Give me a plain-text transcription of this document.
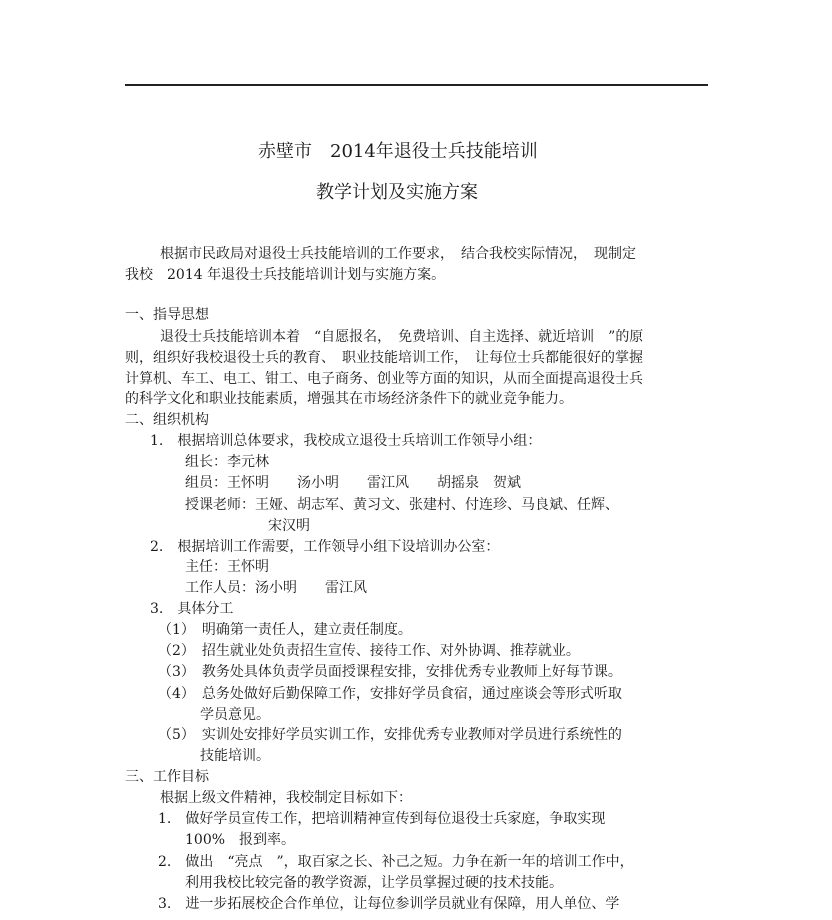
赤壁市　2014年退役士兵技能培训
教学计划及实施方案
根据市民政局对退役士兵技能培训的工作要求，　结合我校实际情况，　现制定
我校　2014 年退役士兵技能培训计划与实施方案。
一、指导思想
退役士兵技能培训本着　“自愿报名，　免费培训、自主选择、就近培训　”的原
则，组织好我校退役士兵的教育、　职业技能培训工作，　让每位士兵都能很好的掌握
计算机、车工、电工、钳工、电子商务、创业等方面的知识，从而全面提高退役士兵
的科学文化和职业技能素质，增强其在市场经济条件下的就业竞争能力。
二、组织机构
1.　根据培训总体要求，我校成立退役士兵培训工作领导小组：
组长：李元林
组员：王怀明　　汤小明　　雷江风　　胡摇泉　贺斌
授课老师：王娅、胡志军、黄习文、张建村、付连珍、马良斌、任辉、
宋汉明
2.　根据培训工作需要，工作领导小组下设培训办公室：
主任：王怀明
工作人员：汤小明　　雷江风
3.　具体分工
（1）　明确第一责任人，建立责任制度。
（2）　招生就业处负责招生宣传、接待工作、对外协调、推荐就业。
（3）　教务处具体负责学员面授课程安排，安排优秀专业教师上好每节课。
（4）　总务处做好后勤保障工作，安排好学员食宿，通过座谈会等形式听取
学员意见。
（5）　实训处安排好学员实训工作，安排优秀专业教师对学员进行系统性的
技能培训。
三、工作目标
根据上级文件精神，我校制定目标如下：
1.　做好学员宣传工作，把培训精神宣传到每位退役士兵家庭，争取实现
100%　报到率。
2.　做出　“亮点　”，取百家之长、补己之短。力争在新一年的培训工作中，
利用我校比较完备的教学资源，让学员掌握过硬的技术技能。
3.　进一步拓展校企合作单位，让每位参训学员就业有保障，用人单位、学
